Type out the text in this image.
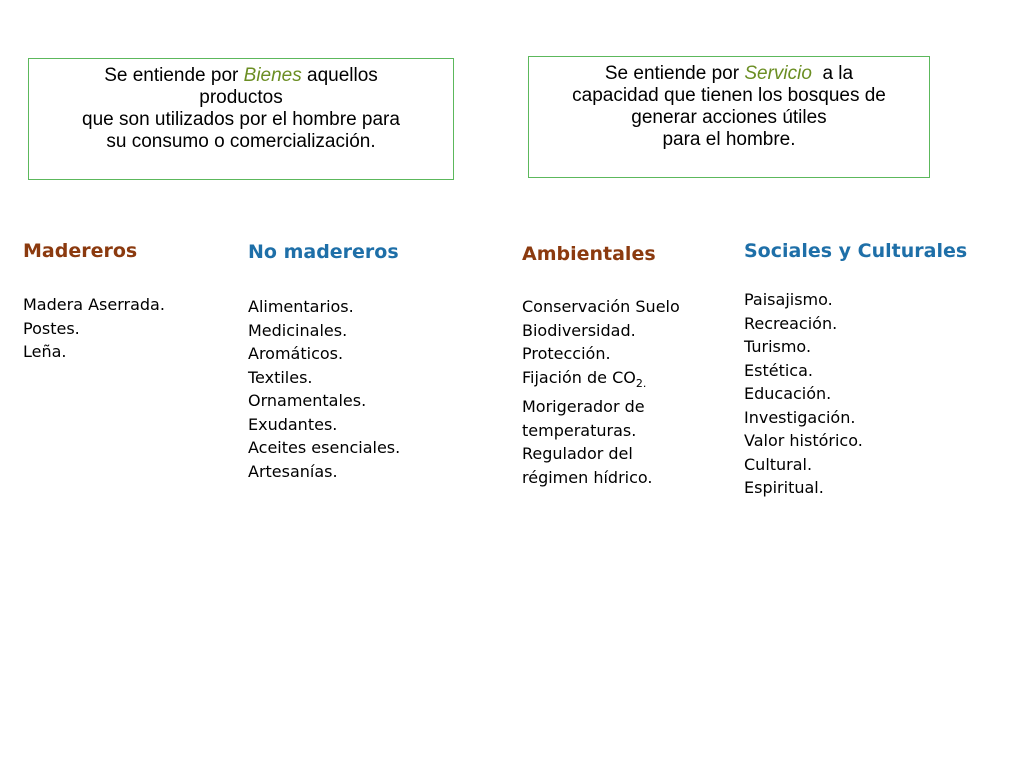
Se entiende por Bienes aquellos
productos
que son utilizados por el hombre para
su consumo o comercialización.
Se entiende por Servicio  a la
capacidad que tienen los bosques de
generar acciones útiles
para el hombre.
Madereros
Madera Aserrada.
Postes.
Leña.
No madereros
Alimentarios.
Medicinales.
Aromáticos.
Textiles.
Ornamentales.
Exudantes.
Aceites esenciales.
Artesanías.
Ambientales
Conservación Suelo
Biodiversidad.
Protección.
Fijación de $CO_{2.}$
Morigerador de
temperaturas.
Regulador del
régimen hídrico.
Sociales y Culturales
Paisajismo.
Recreación.
Turismo.
Estética.
Educación.
Investigación.
Valor histórico.
Cultural.
Espiritual.
